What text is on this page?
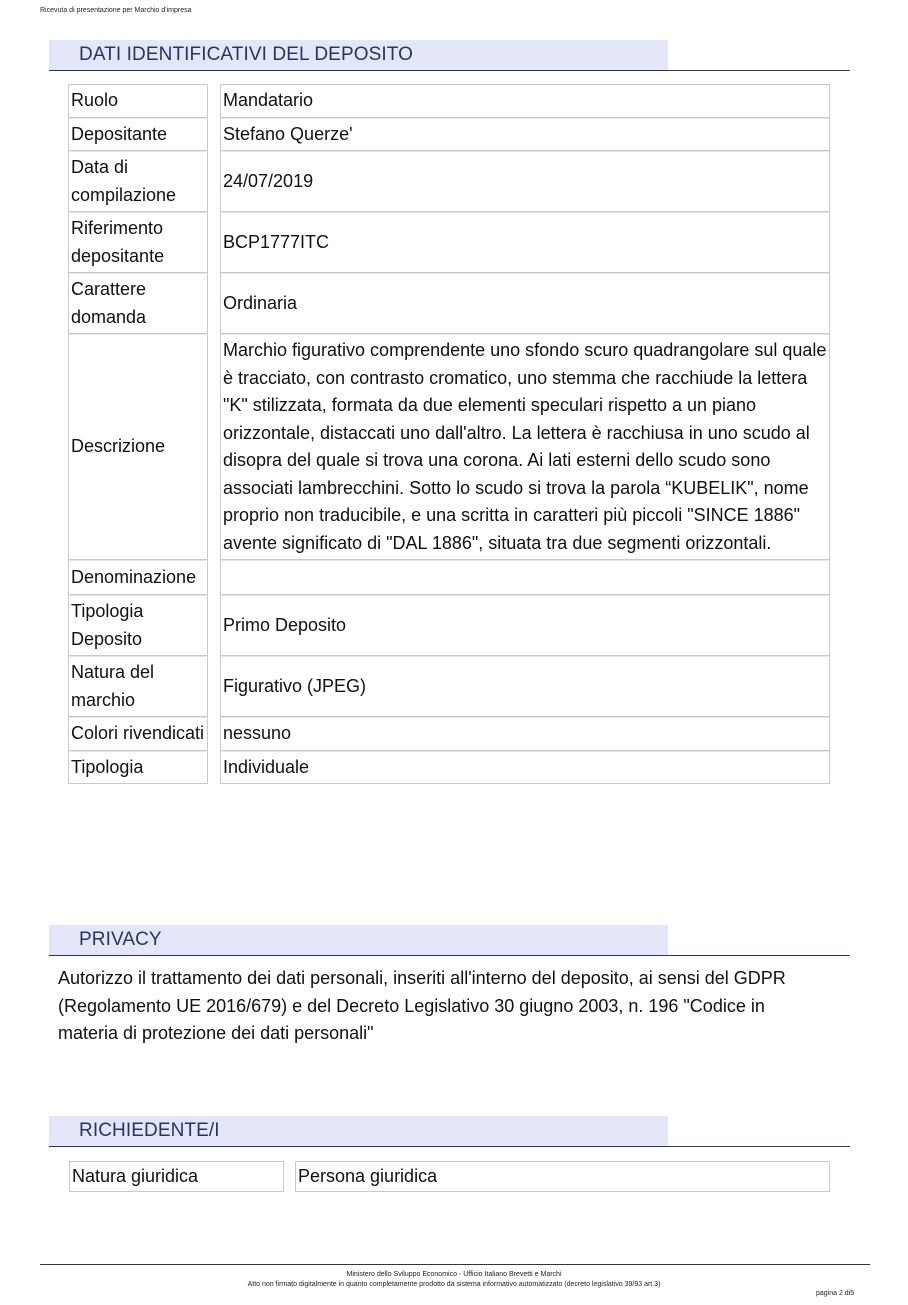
Ricevuta di presentazione per Marchio d'impresa
DATI IDENTIFICATIVI DEL DEPOSITO
Ruolo		Mandatario
Depositante		Stefano Querze'
Data di compilazione		24/07/2019
Riferimento depositante		BCP1777ITC
Carattere domanda		Ordinaria
Descrizione		Marchio figurativo comprendente uno sfondo scuro quadrangolare sul quale è tracciato, con contrasto cromatico, uno stemma che racchiude la lettera "K" stilizzata, formata da due elementi speculari rispetto a un piano orizzontale, distaccati uno dall'altro. La lettera è racchiusa in uno scudo al disopra del quale si trova una corona. Ai lati esterni dello scudo sono associati lambrecchini. Sotto lo scudo si trova la parola “KUBELIK", nome proprio non traducibile, e una scritta in caratteri più piccoli "SINCE 1886" avente significato di "DAL 1886", situata tra due segmenti orizzontali.
Denominazione		
Tipologia Deposito		Primo Deposito
Natura del marchio		Figurativo (JPEG)
Colori rivendicati		nessuno
Tipologia		Individuale
PRIVACY

Autorizzo il trattamento dei dati personali, inseriti all'interno del deposito, ai sensi del GDPR (Regolamento UE 2016/679) e del Decreto Legislativo 30 giugno 2003, n. 196 "Codice in materia di protezione dei dati personali"

RICHIEDENTE/I
Natura giuridica	Persona giuridica
Ministero dello Sviluppo Economico - Ufficio Italiano Brevetti e Marchi
Atto non firmato digitalmente in quanto completamente prodotto da sistema informativo automatizzato (decreto legislativo 39/93 art.3)
pagina 2 di5
